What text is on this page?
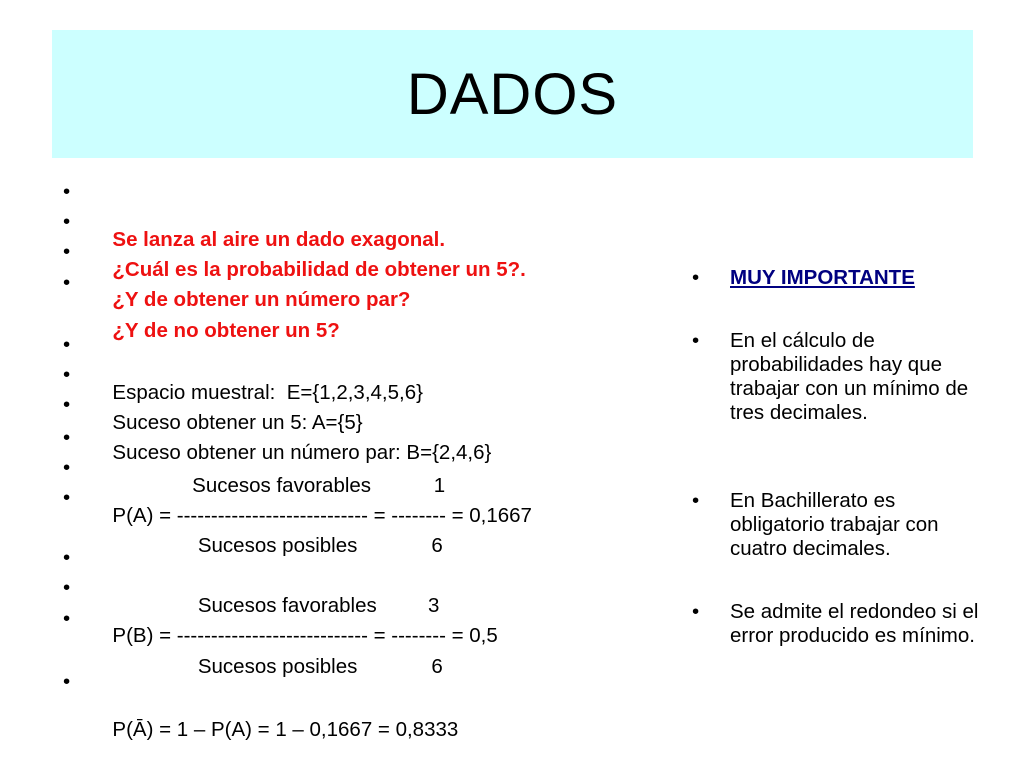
DADOS

•

Se lanza al aire un dado exagonal.

•

¿Cuál es la probabilidad de obtener un 5?.

•

¿Y de obtener un número par?

•

¿Y de no obtener un 5?

•

Espacio muestral:  E={1,2,3,4,5,6}

•

Suceso obtener un 5: A={5}

•

Suceso obtener un número par: B={2,4,6}

•

Sucesos favorables           1

•

P(A) = ---------------------------- = -------- = 0,1667

•

Sucesos posibles             6

•

Sucesos favorables         3

•

P(B) = ---------------------------- = -------- = 0,5

•

Sucesos posibles             6

•

P(Ā) = 1 – P(A) = 1 – 0,1667 = 0,8333

• MUY IMPORTANTE
• En el cálculo de probabilidades hay que trabajar con un mínimo de tres decimales.
• En Bachillerato es obligatorio trabajar con cuatro decimales.
• Se admite el redondeo si el error producido es mínimo.
